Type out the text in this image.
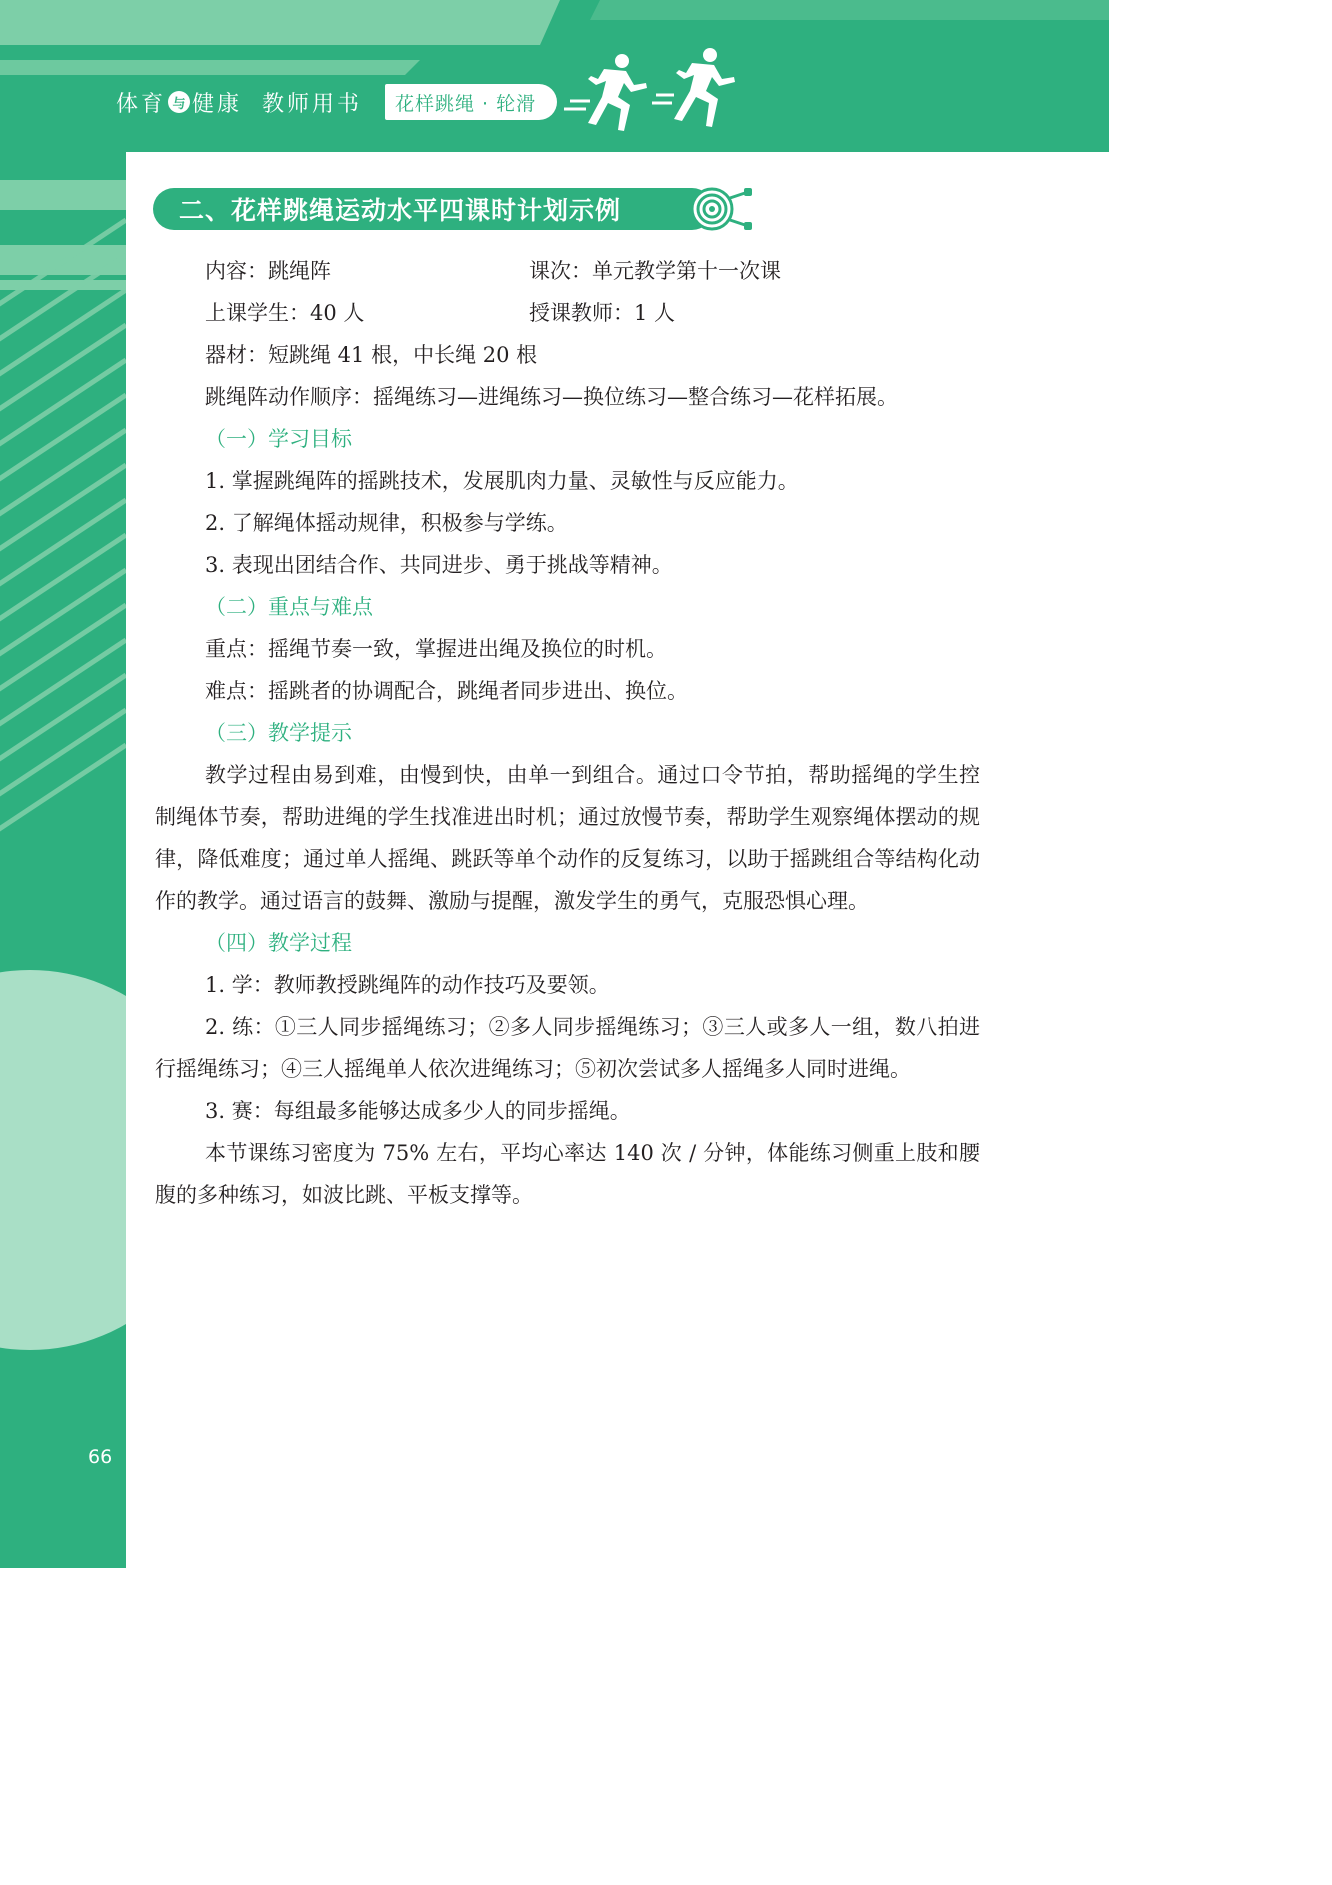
体育 与 健康 教师用书	花样跳绳 · 轮滑
二、花样跳绳运动水平四课时计划示例
内容：跳绳阵	课次：单元教学第十一次课
上课学生：40 人	授课教师：1 人

器材：短跳绳 41 根，中长绳 20 根

跳绳阵动作顺序：摇绳练习—进绳练习—换位练习—整合练习—花样拓展。

（一）学习目标

1. 掌握跳绳阵的摇跳技术，发展肌肉力量、灵敏性与反应能力。

2. 了解绳体摇动规律，积极参与学练。

3. 表现出团结合作、共同进步、勇于挑战等精神。

（二）重点与难点

重点：摇绳节奏一致，掌握进出绳及换位的时机。

难点：摇跳者的协调配合，跳绳者同步进出、换位。

（三）教学提示

教学过程由易到难，由慢到快，由单一到组合。通过口令节拍，帮助摇绳的学生控制绳体节奏，帮助进绳的学生找准进出时机；通过放慢节奏，帮助学生观察绳体摆动的规律，降低难度；通过单人摇绳、跳跃等单个动作的反复练习，以助于摇跳组合等结构化动作的教学。通过语言的鼓舞、激励与提醒，激发学生的勇气，克服恐惧心理。

（四）教学过程

1. 学：教师教授跳绳阵的动作技巧及要领。

2. 练：①三人同步摇绳练习；②多人同步摇绳练习；③三人或多人一组，数八拍进行摇绳练习；④三人摇绳单人依次进绳练习；⑤初次尝试多人摇绳多人同时进绳。

3. 赛：每组最多能够达成多少人的同步摇绳。

本节课练习密度为 75% 左右，平均心率达 140 次 / 分钟，体能练习侧重上肢和腰腹的多种练习，如波比跳、平板支撑等。

66
